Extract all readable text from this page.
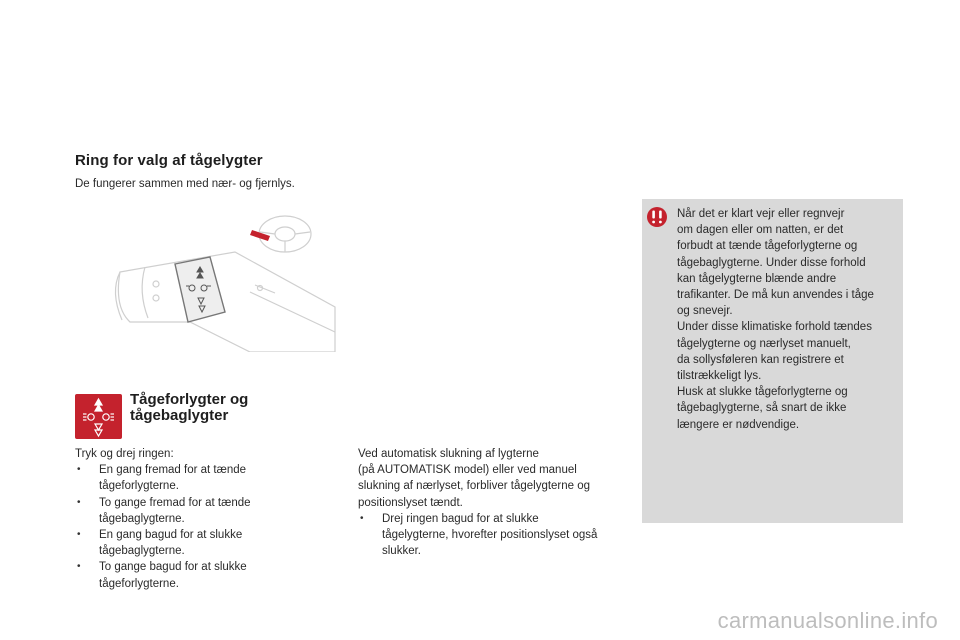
Ring for valg af tågelygter
De fungerer sammen med nær- og fjernlys.
Tågeforlygter og
tågebaglygter

Tryk og drej ringen:

• En gang fremad for at tænde
tågeforlygterne.
• To gange fremad for at tænde
tågebaglygterne.
• En gang bagud for at slukke
tågebaglygterne.
• To gange bagud for at slukke
tågeforlygterne.

Ved automatisk slukning af lygterne

(på AUTOMATISK model) eller ved manuel

slukning af nærlyset, forbliver tågelygterne og

positionslyset tændt.

• Drej ringen bagud for at slukke
tågelygterne, hvorefter positionslyset også
slukker.
Når det er klart vejr eller regnvejr
om dagen eller om natten, er det
forbudt at tænde tågeforlygterne og
tågebaglygterne. Under disse forhold
kan tågelygterne blænde andre
trafikanter. De må kun anvendes i tåge
og snevejr.
Under disse klimatiske forhold tændes
tågelygterne og nærlyset manuelt,
da sollysføleren kan registrere et
tilstrækkeligt lys.
Husk at slukke tågeforlygterne og
tågebaglygterne, så snart de ikke
længere er nødvendige.
carmanualsonline.info
